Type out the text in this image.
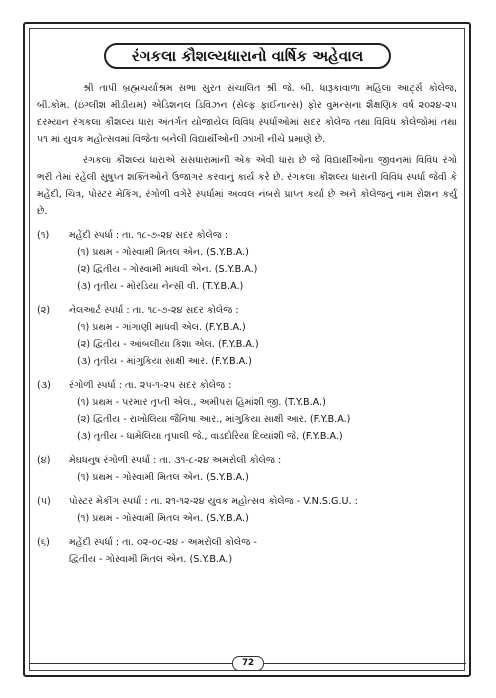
રંગકલા કૌશલ્યધારાનો વાર્ષિક અહેવાલ

શ્રી તાપી બ્રહ્મચર્યાશ્રમ સભા સુરત સંચાલિત શ્રી જે. બી. ધારૂકાવાળા મહિલા આર્ટ્સ કોલેજ, બી.કોમ. (ઇંગ્લીશ મીડીયમ) એડિશનલ ડિવિઝન (સેલ્ફ ફાઈનાન્સ) ફોર વુમન્સના શૈક્ષણિક વર્ષ ૨૦૨૪-૨૫ દરમ્યાન રંગકલા કૌશલ્ય ધારા અંતર્ગત યોજાયેલ વિવિધ સ્પર્ધાઓમાં સદર કોલેજ તથા વિવિધ કોલેજોમાં તથા ૫૧ માં યુવક મહોત્સવમાં વિજેતા બનેલી વિદ્યાર્થીઓની ઝાંખી નીચે પ્રમાણે છે.

રંગકલા કૌશલ્ય ધારાએ સસધારામાંની એક એવી ધારા છે જે વિદ્યાર્થીઓના જીવનમાં વિવિધ રંગો ભરી તેમાં રહેલી સુષુપ્ત શક્તિઓને ઉજાગર કરવાનું કાર્ય કરે છે. રંગકલા કૌશલ્ય ધારાની વિવિધ સ્પર્ધા જેવી કે મહેંદી, ચિત્ર, પોસ્ટર મેકિંગ, રંગોળી વગેરે સ્પર્ધામાં અવ્વલ નંબરો પ્રાપ્ત કર્યા છે અને કોલેજનું નામ રોશન કર્યું છે.

(૧)	મહેંદી સ્પર્ધા : તા. ૧૮-૭-૨૪ સદર કોલેજ :
(૧) પ્રથમ - ગોસ્વામી મિતલ એન. (S.Y.B.A.)
(૨) દ્વિતીય - ગોસ્વામી માધવી એન. (S.Y.B.A.)
(૩) તૃતીય - મોરડિયા નેન્સી વી. (T.Y.B.A.)
(૨)	નેલઆર્ટ સ્પર્ધા : તા. ૧૮-૭-૨૪ સદર કોલેજ :
(૧) પ્રથમ - ગાંગાણી માધવી એલ. (F.Y.B.A.)
(૨) દ્વિતીય - આંબલીયા કિશા એલ. (F.Y.B.A.)
(૩) તૃતીય - માંગુકિયા સાક્ષી આર. (F.Y.B.A.)
(૩)	રંગોળી સ્પર્ધા : તા. ૨૫-૧-૨૫ સદર કોલેજ :
(૧) પ્રથમ - પરમાર તૃપ્તી એલ., અમીપરા હિમાંશી જી. (T.Y.B.A.)
(૨) દ્વિતીય - રાખોલિયા જૈનિષા આર., માંગુકિયા સાક્ષી આર. (F.Y.B.A.)
(૩) તૃતીય - ધામેલિયા તૃપાલી જે., વાડદોરિયા દિવ્યાંશી જે. (F.Y.B.A.)
(૪)	મેઘધનુષ રંગોળી સ્પર્ધા : તા. ૩૧-૮-૨૪ અમરોલી કોલેજ :
(૧) પ્રથમ - ગોસ્વામી મિતલ એન. (S.Y.B.A.)
(૫)	પોસ્ટર મેકીંગ સ્પર્ધા : તા. ૨૧-૧૨-૨૪ યુવક મહોત્સવ કોલેજ - V.N.S.G.U. :
(૧) પ્રથમ - ગોસ્વામી મિતલ એન. (S.Y.B.A.)
(૬)	મહેંદી સ્પર્ધા : તા. ૦૨-૦૮-૨૪ - અમરોલી કોલેજ -
દ્વિતીય - ગોસ્વામી મિતલ એન. (S.Y.B.A.)
72
